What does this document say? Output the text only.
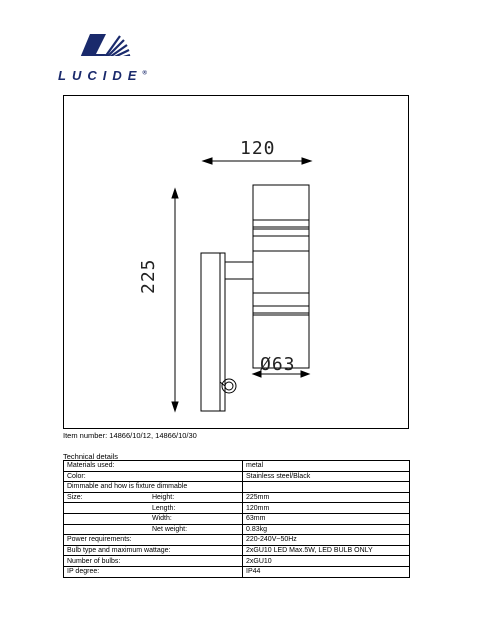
LUCIDE®
120
225
Ø63
Item number: 14866/10/12, 14866/10/30
Technical details
Materials used:	metal
Color:	Stainless steel/Black
Dimmable and how is fixture dimmable	
Size: Height:	225mm
Length:	120mm
Width:	63mm
Net weight:	0.83kg
Power requirements:	220-240V~50Hz
Bulb type and maximum wattage:	2xGU10 LED Max.5W, LED BULB ONLY
Number of bulbs:	2xGU10
IP degree:	IP44
